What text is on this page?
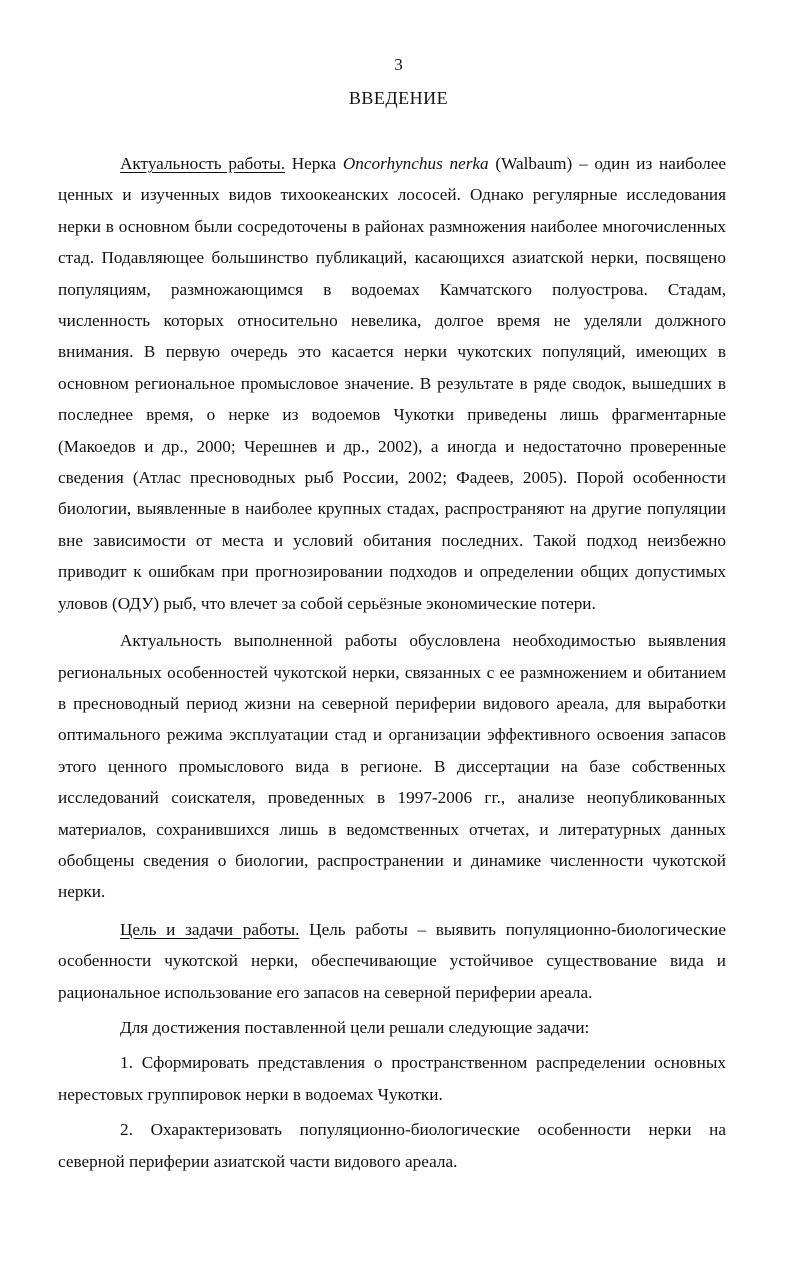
3
ВВЕДЕНИЕ

Актуальность работы. Нерка Oncorhynchus nerka (Walbaum) – один из наиболее ценных и изученных видов тихоокеанских лососей. Однако регулярные исследования нерки в основном были сосредоточены в районах размножения наиболее многочисленных стад. Подавляющее большинство публикаций, касающихся азиатской нерки, посвящено популяциям, размножающимся в водоемах Камчатского полуострова. Стадам, численность которых относительно невелика, долгое время не уделяли должного внимания. В первую очередь это касается нерки чукотских популяций, имеющих в основном региональное промысловое значение. В результате в ряде сводок, вышедших в последнее время, о нерке из водоемов Чукотки приведены лишь фрагментарные (Макоедов и др., 2000; Черешнев и др., 2002), а иногда и недостаточно проверенные сведения (Атлас пресноводных рыб России, 2002; Фадеев, 2005). Порой особенности биологии, выявленные в наиболее крупных стадах, распространяют на другие популяции вне зависимости от места и условий обитания последних. Такой подход неизбежно приводит к ошибкам при прогнозировании подходов и определении общих допустимых уловов (ОДУ) рыб, что влечет за собой серьёзные экономические потери.

Актуальность выполненной работы обусловлена необходимостью выявления региональных особенностей чукотской нерки, связанных с ее размножением и обитанием в пресноводный период жизни на северной периферии видового ареала, для выработки оптимального режима эксплуатации стад и организации эффективного освоения запасов этого ценного промыслового вида в регионе. В диссертации на базе собственных исследований соискателя, проведенных в 1997-2006 гг., анализе неопубликованных материалов, сохранившихся лишь в ведомственных отчетах, и литературных данных обобщены сведения о биологии, распространении и динамике численности чукотской нерки.

Цель и задачи работы. Цель работы – выявить популяционно-биологические особенности чукотской нерки, обеспечивающие устойчивое существование вида и рациональное использование его запасов на северной периферии ареала.

Для достижения поставленной цели решали следующие задачи:

1. Сформировать представления о пространственном распределении основных нерестовых группировок нерки в водоемах Чукотки.

2. Охарактеризовать популяционно-биологические особенности нерки на северной периферии азиатской части видового ареала.
